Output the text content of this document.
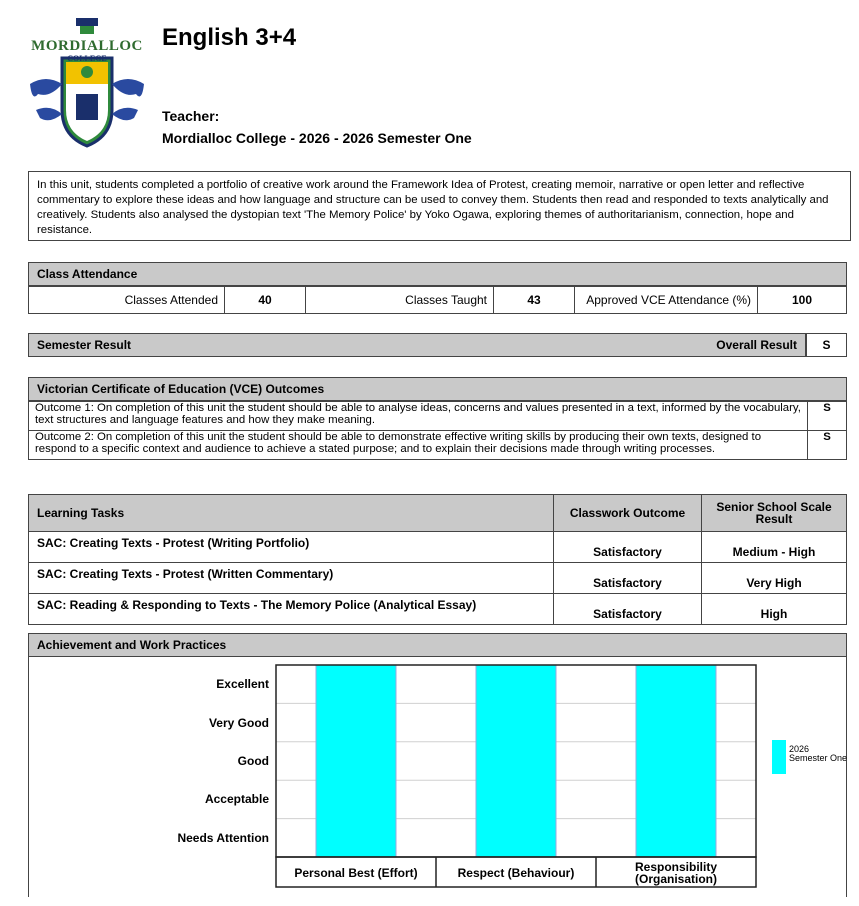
MORDIALLOC
COLLEGE
English 3+4
Teacher:
Mordialloc College - 2026 - 2026 Semester One
In this unit, students completed a portfolio of creative work around the Framework Idea of Protest, creating memoir, narrative or open letter and reflective commentary to explore these ideas and how language and structure can be used to convey them. Students then read and responded to texts analytically and creatively. Students also analysed the dystopian text 'The Memory Police' by Yoko Ogawa, exploring themes of authoritarianism, connection, hope and resistance.
Class Attendance
Classes Attended	40	Classes Taught	43	Approved VCE Attendance (%)	100
Semester Result	Overall Result	S
Victorian Certificate of Education (VCE) Outcomes
Outcome 1: On completion of this unit the student should be able to analyse ideas, concerns and values presented in a text, informed by the vocabulary, text structures and language features and how they make meaning.	S
Outcome 2: On completion of this unit the student should be able to demonstrate effective writing skills by producing their own texts, designed to respond to a specific context and audience to achieve a stated purpose; and to explain their decisions made through writing processes.	S
Learning Tasks	Classwork Outcome	Senior School Scale Result
SAC: Creating Texts - Protest (Writing Portfolio)	Satisfactory	Medium - High
SAC: Creating Texts - Protest (Written Commentary)	Satisfactory	Very High
SAC: Reading & Responding to Texts - The Memory Police (Analytical Essay)	Satisfactory	High
Achievement and Work Practices
Excellent
Very Good
Good
Acceptable
Needs Attention
Personal Best (Effort)	Respect (Behaviour)	Responsibility (Organisation)
2026 Semester One
